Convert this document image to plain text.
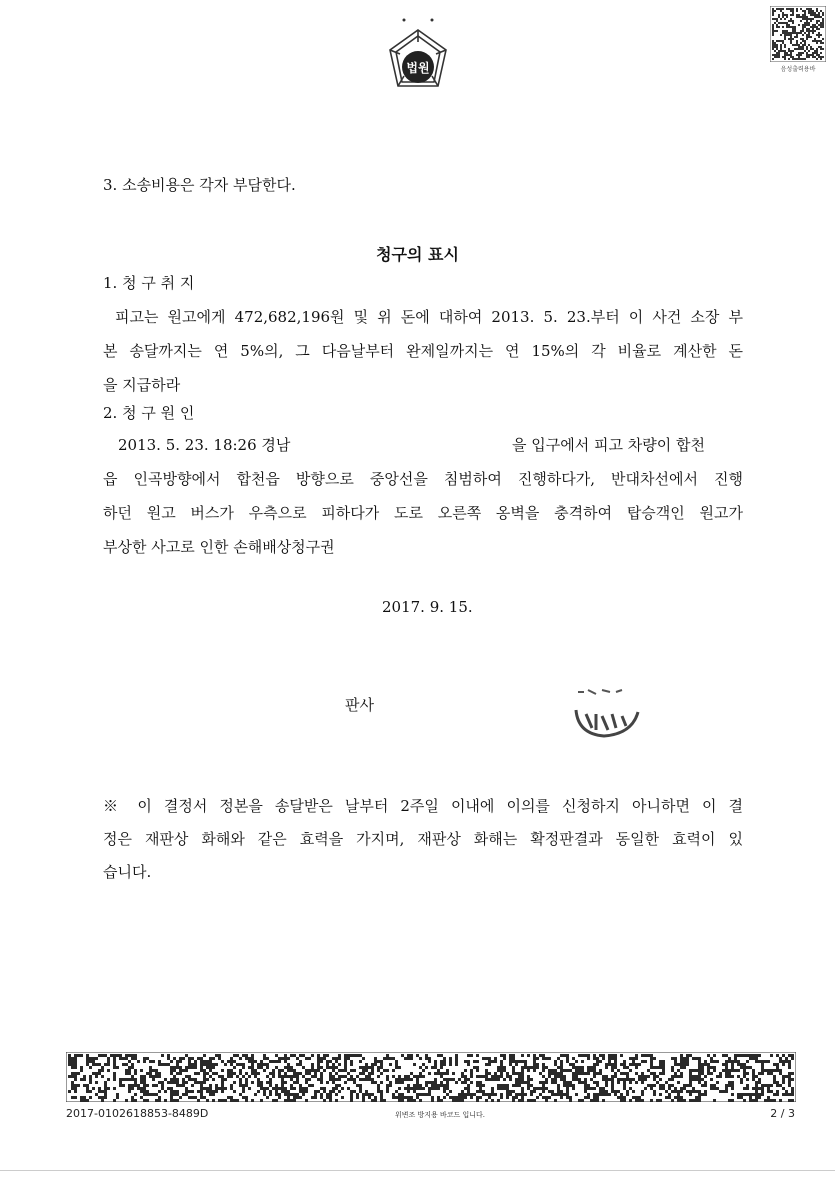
법원	음성출력용바
3. 소송비용은 각자 부담한다.
청구의 표시
1. 청 구 취 지
피고는 원고에게 472,682,196원 및 위 돈에 대하여 2013. 5. 23.부터 이 사건 소장 부
본 송달까지는 연 5%의, 그 다음날부터 완제일까지는 연 15%의 각 비율로 계산한 돈
을 지급하라
2. 청 구 원 인
2013. 5. 23. 18:26 경남	을 입구에서 피고 차량이 합천
읍 인곡방향에서 합천읍 방향으로 중앙선을 침범하여 진행하다가, 반대차선에서 진행
하던 원고 버스가 우측으로 피하다가 도로 오른쪽 옹벽을 충격하여 탑승객인 원고가
부상한 사고로 인한 손해배상청구권
2017. 9. 15.
판사
※ 이 결정서 정본을 송달받은 날부터 2주일 이내에 이의를 신청하지 아니하면 이 결
정은 재판상 화해와 같은 효력을 가지며, 재판상 화해는 확정판결과 동일한 효력이 있
습니다.
2017-0102618853-8489D	위변조 방지용 바코드 입니다.	2 / 3
